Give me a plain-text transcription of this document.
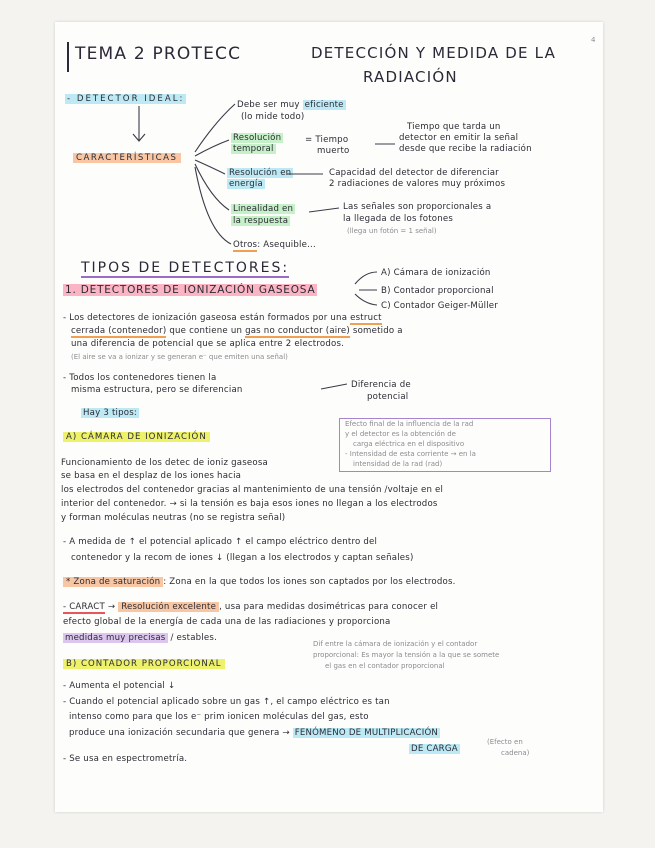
4
TEMA 2 PROTECC	DETECCIÓN Y MEDIDA DE LA
RADIACIÓN
- DETECTOR IDEAL:
CARACTERÍSTICAS
Debe ser muy eficiente
(lo mide todo)
Resolución
temporal
= Tiempo
muerto
Tiempo que tarda un
detector en emitir la señal
desde que recibe la radiación
Resolución en
energía
Capacidad del detector de diferenciar
2 radiaciones de valores muy próximos
Linealidad en
la respuesta
Las señales son proporcionales a
la llegada de los fotones
(llega un fotón = 1 señal)
Otros: Asequible...
TIPOS DE DETECTORES:
1. DETECTORES DE IONIZACIÓN GASEOSA
A) Cámara de ionización
B) Contador proporcional
C) Contador Geiger-Müller
- Los detectores de ionización gaseosa están formados por una estruct
cerrada (contenedor) que contiene un gas no conductor (aire) sometido a
una diferencia de potencial que se aplica entre 2 electrodos.
(El aire se va a ionizar y se generan e⁻ que emiten una señal)
- Todos los contenedores tienen la
misma estructura, pero se diferencian	Diferencia de
potencial
Hay 3 tipos:
A) CÁMARA DE IONIZACIÓN
Efecto final de la influencia de la rad
y el detector es la obtención de
carga eléctrica en el dispositivo
- Intensidad de esta corriente → en la
intensidad de la rad (rad)
Funcionamiento de los detec de ioniz gaseosa
se basa en el desplaz de los iones hacia
los electrodos del contenedor gracias al mantenimiento de una tensión /voltaje en el
interior del contenedor. → si la tensión es baja esos iones no llegan a los electrodos
y forman moléculas neutras (no se registra señal)
- A medida de ↑ el potencial aplicado ↑ el campo eléctrico dentro del
contenedor y la recom de iones ↓ (llegan a los electrodos y captan señales)
* Zona de saturación : Zona en la que todos los iones son captados por los electrodos.
- CARACT → Resolución excelente , usa para medidas dosimétricas para conocer el
efecto global de la energía de cada una de las radiaciones y proporciona
medidas muy precisas / estables.
B) CONTADOR PROPORCIONAL
Dif entre la cámara de ionización y el contador
proporcional: Es mayor la tensión a la que se somete
el gas en el contador proporcional
- Aumenta el potencial ↓
- Cuando el potencial aplicado sobre un gas ↑, el campo eléctrico es tan
intenso como para que los e⁻ prim ionicen moléculas del gas, esto
produce una ionización secundaria que genera → FENÓMENO DE MULTIPLICACIÓN
DE CARGA
(Efecto en
cadena)
- Se usa en espectrometría.
